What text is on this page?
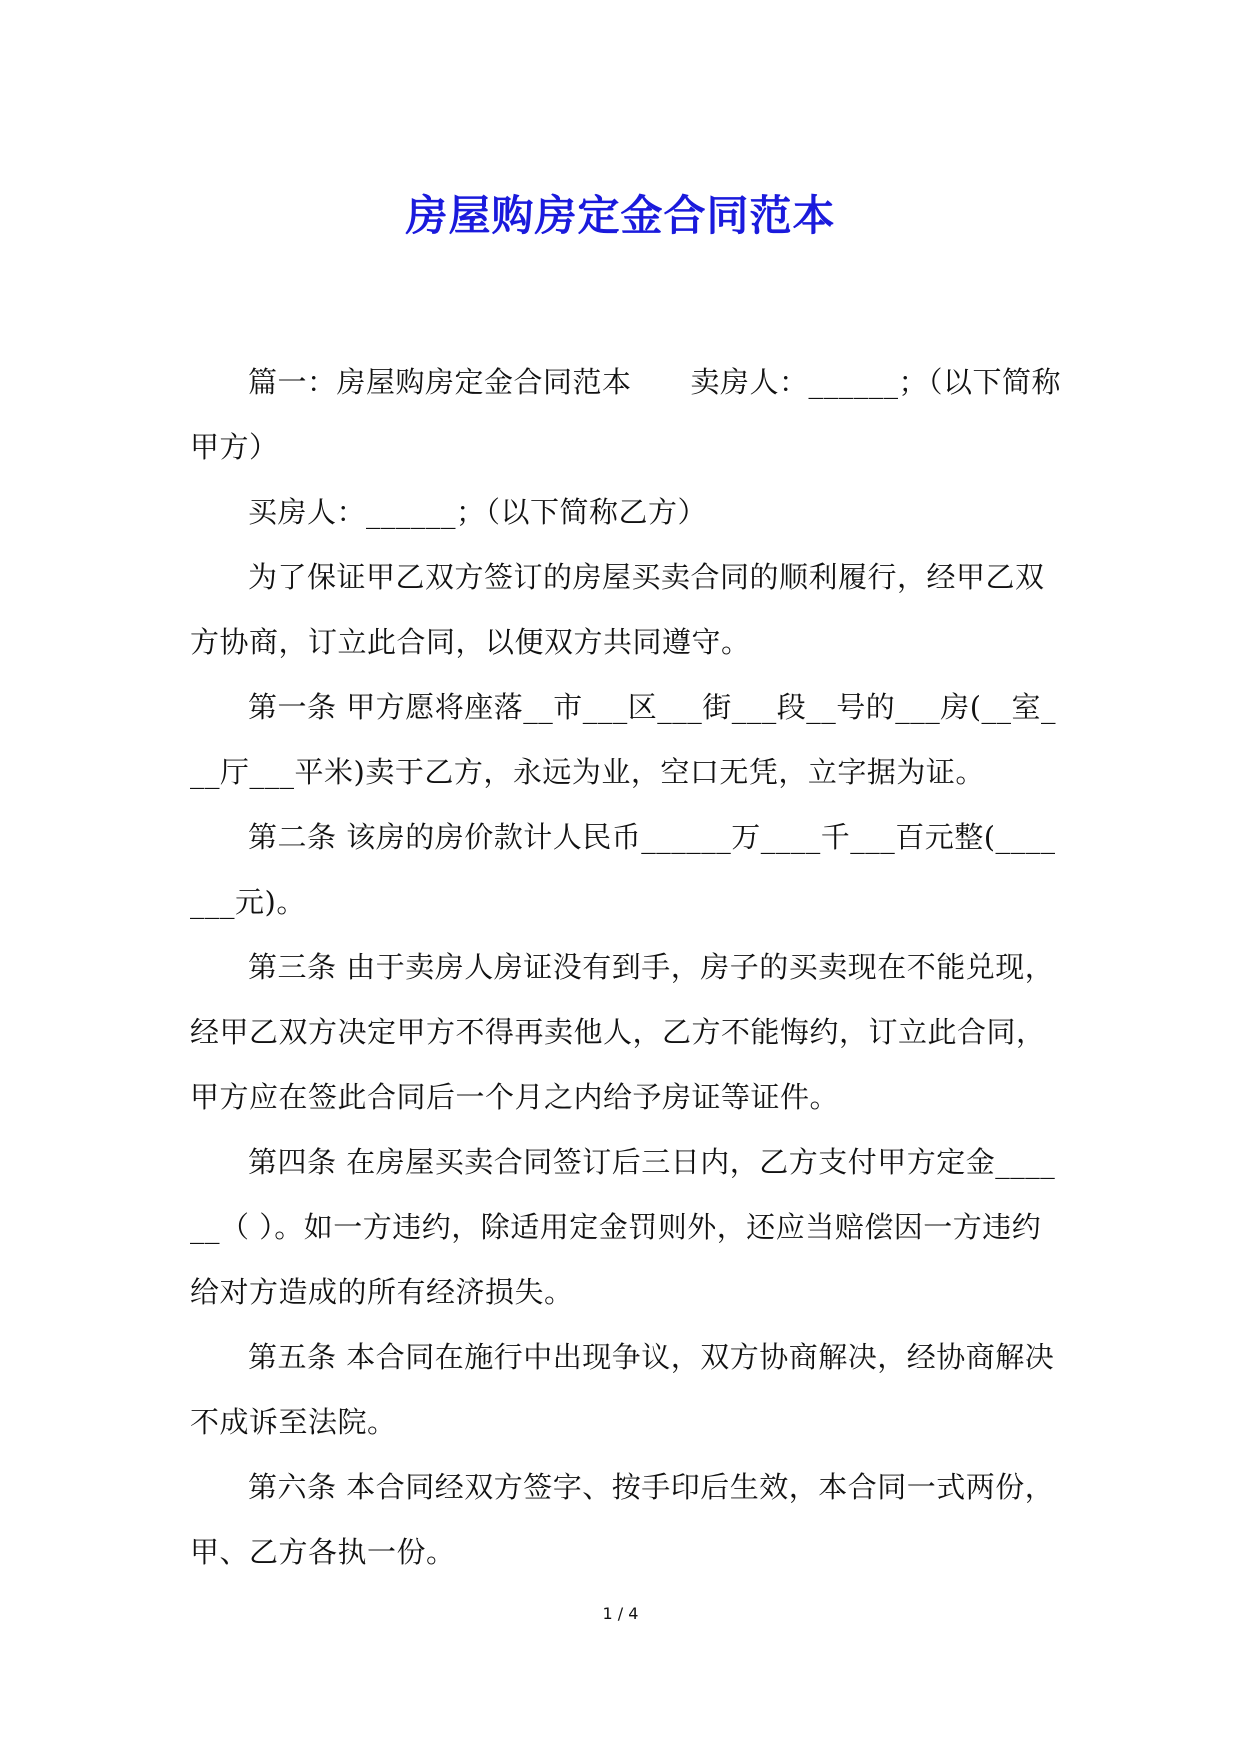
房屋购房定金合同范本

篇一：房屋购房定金合同范本　　卖房人：______；（以下简称甲方）

买房人：______；（以下简称乙方）

为了保证甲乙双方签订的房屋买卖合同的顺利履行，经甲乙双方协商，订立此合同，以便双方共同遵守。

第一条 甲方愿将座落__市___区___街___段__号的___房(__室___厅___平米)卖于乙方，永远为业，空口无凭，立字据为证。

第二条 该房的房价款计人民币______万____千___百元整(_______元)。

第三条 由于卖房人房证没有到手，房子的买卖现在不能兑现，经甲乙双方决定甲方不得再卖他人，乙方不能悔约，订立此合同，甲方应在签此合同后一个月之内给予房证等证件。

第四条 在房屋买卖合同签订后三日内，乙方支付甲方定金______（ ）。如一方违约，除适用定金罚则外，还应当赔偿因一方违约给对方造成的所有经济损失。

第五条 本合同在施行中出现争议，双方协商解决，经协商解决不成诉至法院。

第六条 本合同经双方签字、按手印后生效，本合同一式两份，甲、乙方各执一份。

1 / 4
